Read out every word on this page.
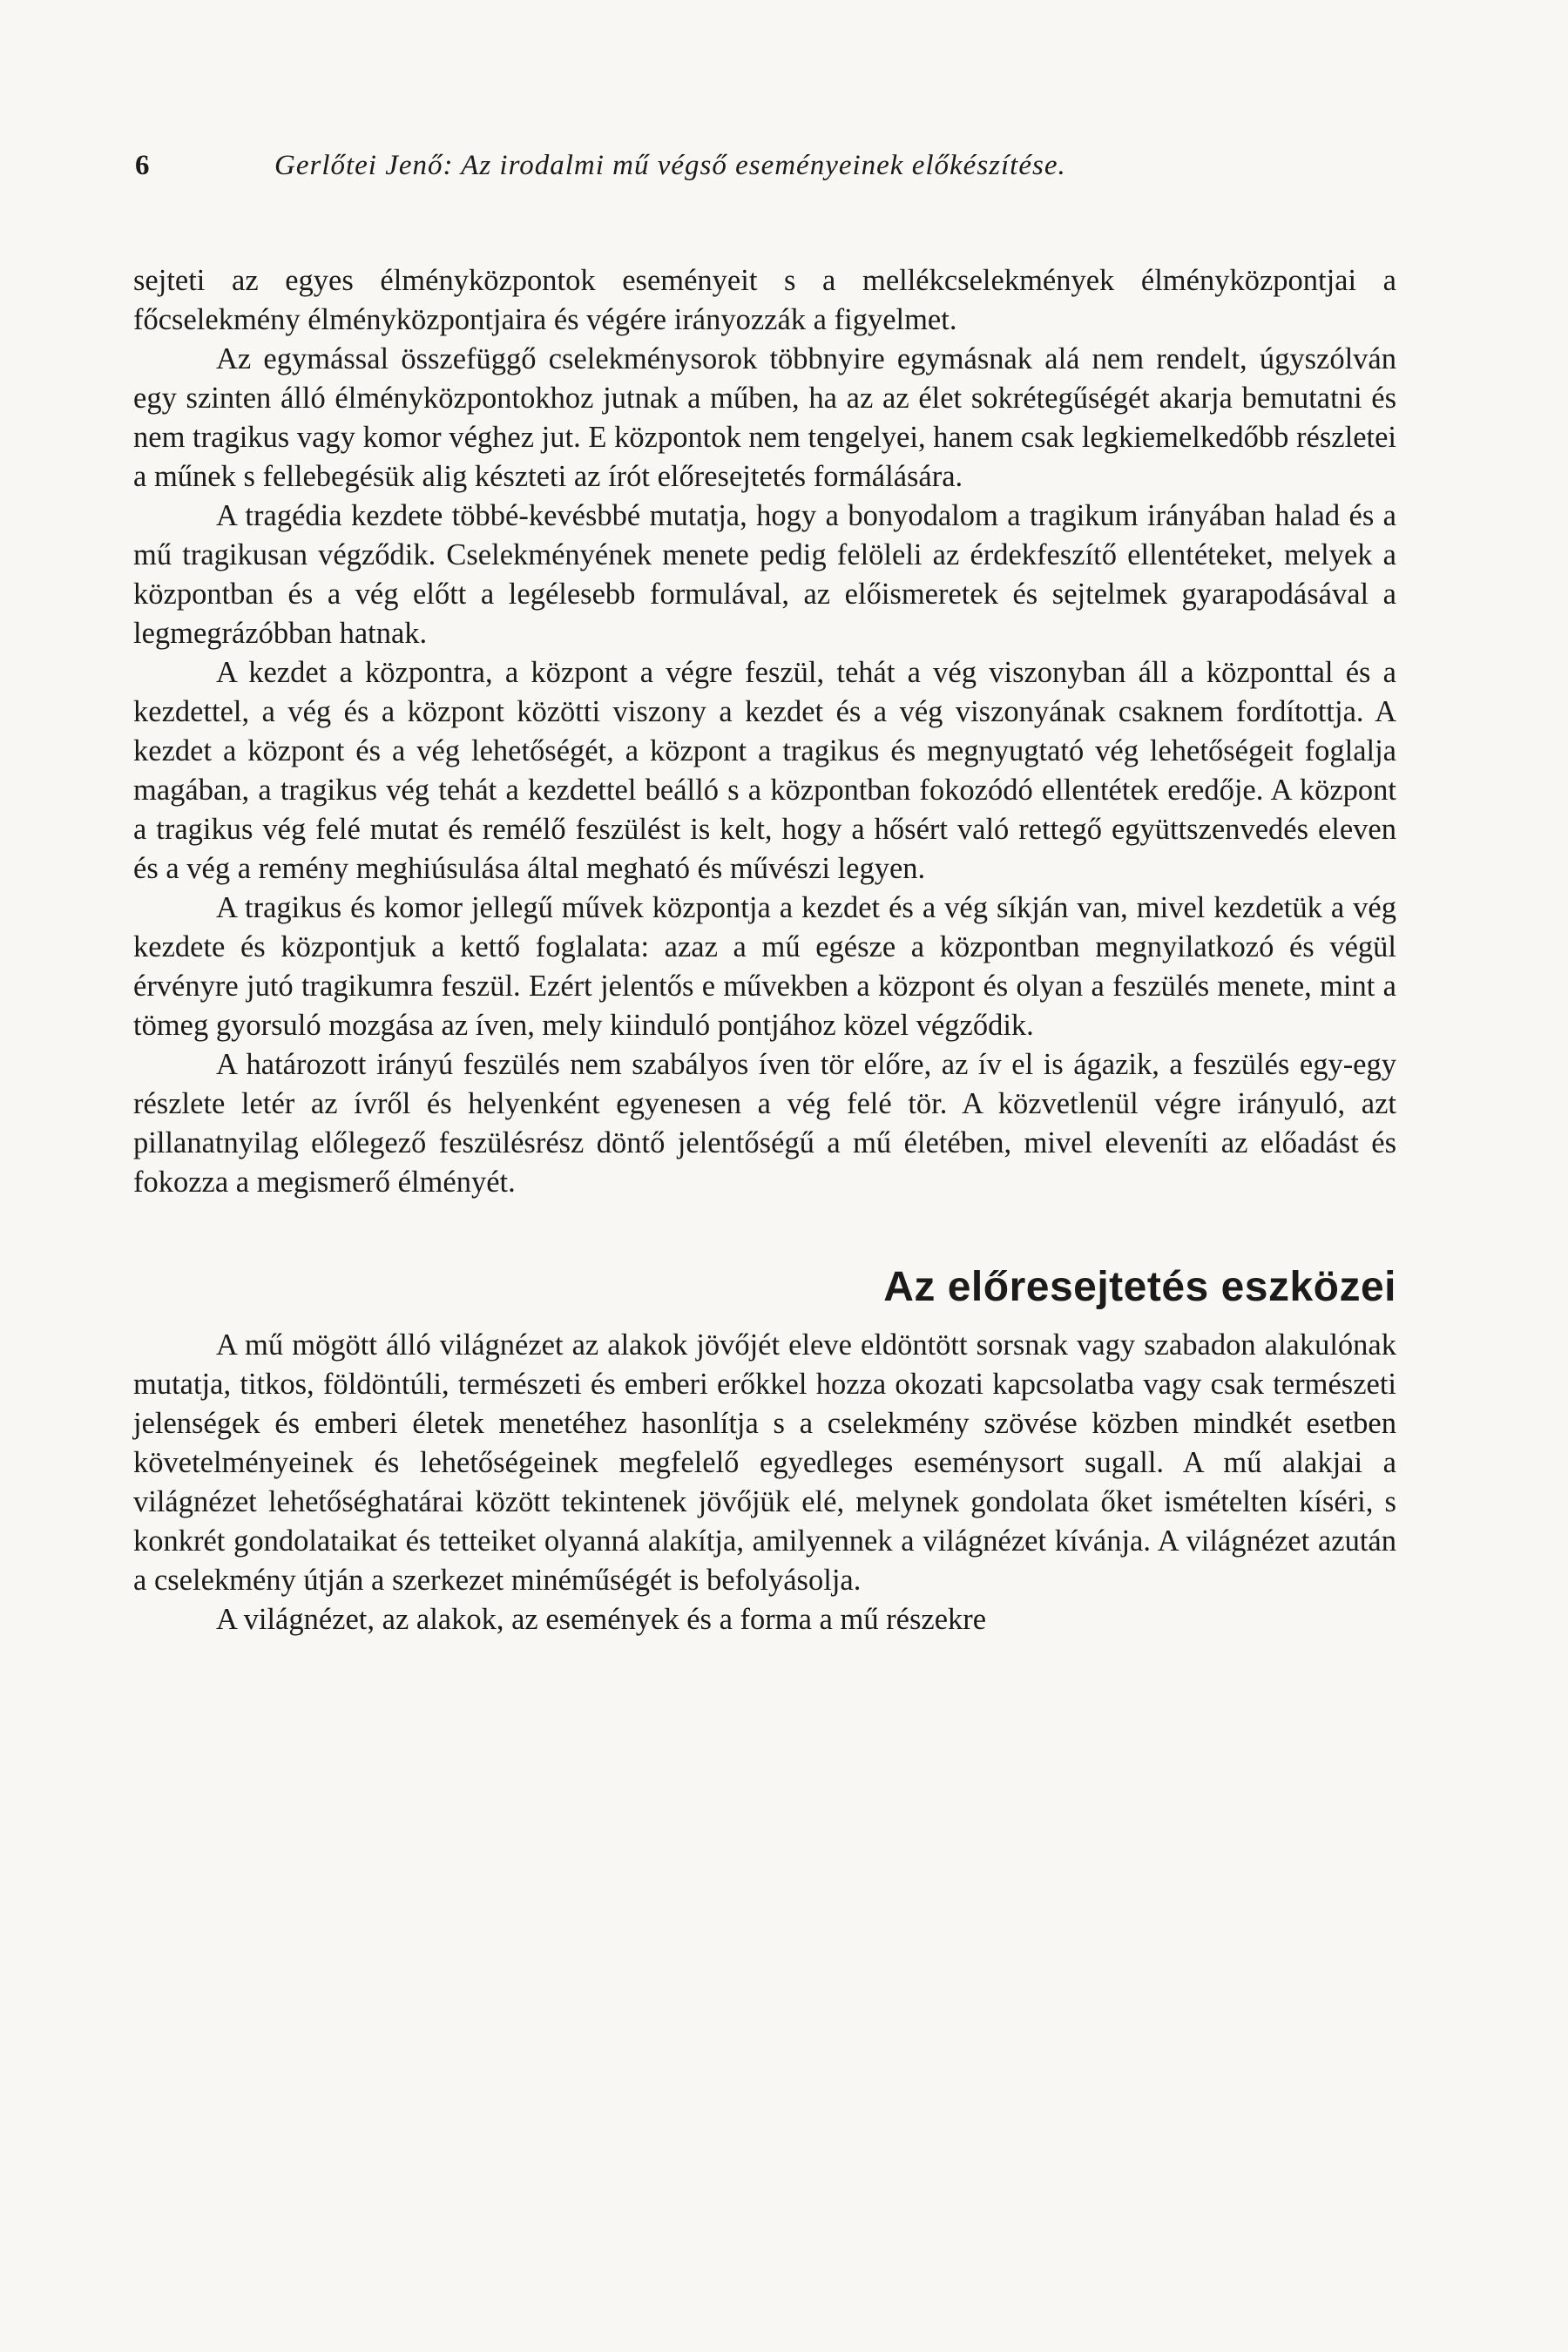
6	Gerlőtei Jenő: Az irodalmi mű végső eseményeinek előkészítése.

sejteti az egyes élményközpontok eseményeit s a mellékcselekmények élményközpontjai a főcselekmény élményközpontjaira és végére irányozzák a figyelmet.

Az egymással összefüggő cselekménysorok többnyire egymásnak alá nem rendelt, úgyszólván egy szinten álló élményközpontokhoz jutnak a műben, ha az az élet sokrétegűségét akarja bemutatni és nem tragikus vagy komor véghez jut. E központok nem tengelyei, hanem csak legkiemelkedőbb részletei a műnek s fellebegésük alig készteti az írót előresejtetés formálására.

A tragédia kezdete többé-kevésbbé mutatja, hogy a bonyodalom a tragikum irányában halad és a mű tragikusan végződik. Cselekményének menete pedig felöleli az érdekfeszítő ellentéteket, melyek a központban és a vég előtt a legélesebb formulával, az előismeretek és sejtelmek gyarapodásával a legmegrázóbban hatnak.

A kezdet a központra, a központ a végre feszül, tehát a vég viszonyban áll a központtal és a kezdettel, a vég és a központ közötti viszony a kezdet és a vég viszonyának csaknem fordítottja. A kezdet a központ és a vég lehetőségét, a központ a tragikus és megnyugtató vég lehetőségeit foglalja magában, a tragikus vég tehát a kezdettel beálló s a központban fokozódó ellentétek eredője. A központ a tragikus vég felé mutat és remélő feszülést is kelt, hogy a hősért való rettegő együttszenvedés eleven és a vég a remény meghiúsulása által megható és művészi legyen.

A tragikus és komor jellegű művek központja a kezdet és a vég síkján van, mivel kezdetük a vég kezdete és központjuk a kettő foglalata: azaz a mű egésze a központban megnyilatkozó és végül érvényre jutó tragikumra feszül. Ezért jelentős e művekben a központ és olyan a feszülés menete, mint a tömeg gyorsuló mozgása az íven, mely kiinduló pontjához közel végződik.

A határozott irányú feszülés nem szabályos íven tör előre, az ív el is ágazik, a feszülés egy-egy részlete letér az ívről és helyenként egyenesen a vég felé tör. A közvetlenül végre irányuló, azt pillanatnyilag előlegező feszülésrész döntő jelentőségű a mű életében, mivel eleveníti az előadást és fokozza a megismerő élményét.

Az előresejtetés eszközei

A mű mögött álló világnézet az alakok jövőjét eleve eldöntött sorsnak vagy szabadon alakulónak mutatja, titkos, földöntúli, természeti és emberi erőkkel hozza okozati kapcsolatba vagy csak természeti jelenségek és emberi életek menetéhez hasonlítja s a cselekmény szövése közben mindkét esetben követelményeinek és lehetőségeinek megfelelő egyedleges eseménysort sugall. A mű alakjai a világnézet lehetőséghatárai között tekintenek jövőjük elé, melynek gondolata őket ismételten kíséri, s konkrét gondolataikat és tetteiket olyanná alakítja, amilyennek a világnézet kívánja. A világnézet azután a cselekmény útján a szerkezet minéműségét is befolyásolja.

A világnézet, az alakok, az események és a forma a mű részekre
